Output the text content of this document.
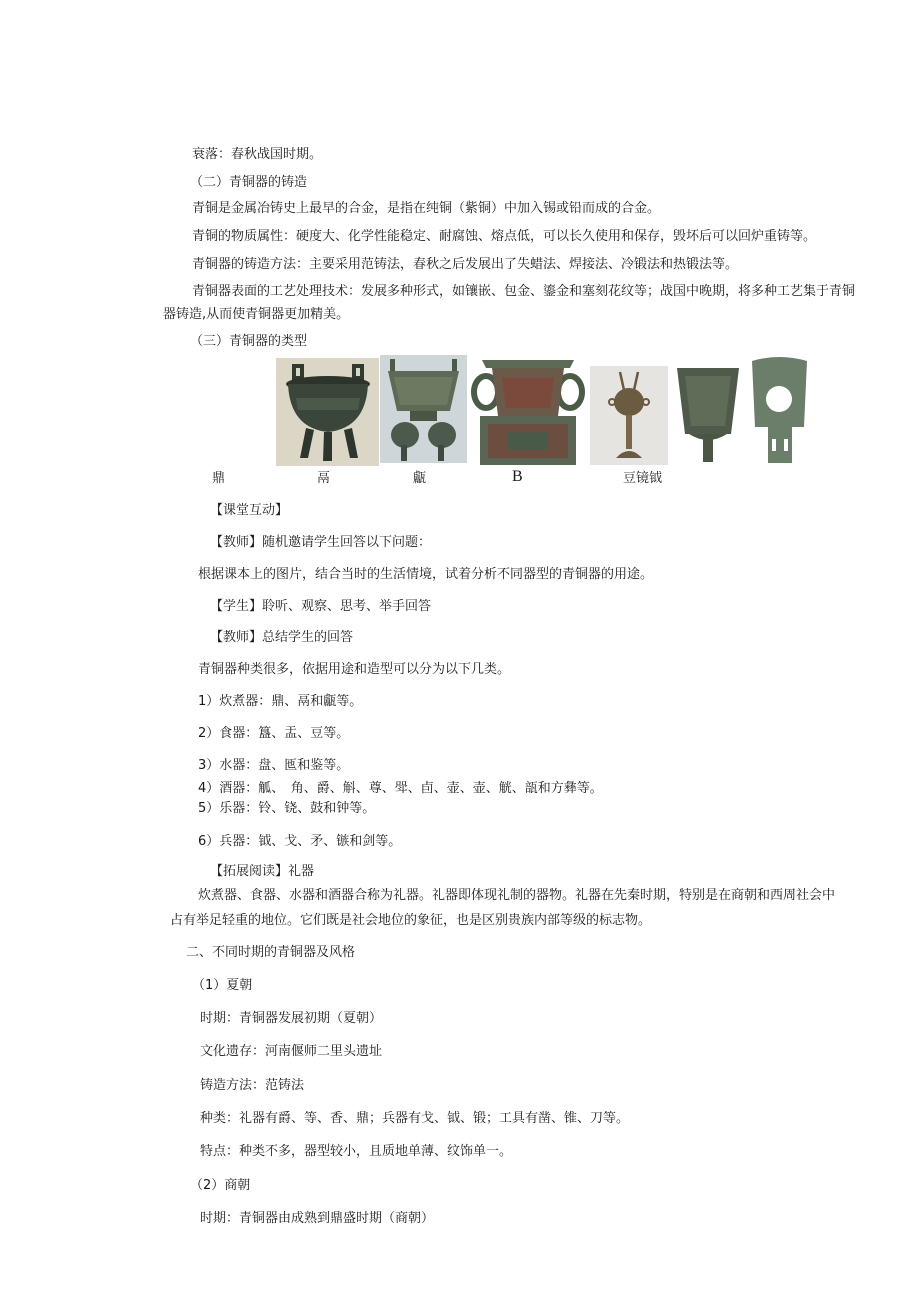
衰落：春秋战国时期。
（二）青铜器的铸造
青铜是金属冶铸史上最早的合金，是指在纯铜（紫铜）中加入锡或铅而成的合金。
青铜的物质属性：硬度大、化学性能稳定、耐腐蚀、熔点低，可以长久使用和保存，毁坏后可以回炉重铸等。
青铜器的铸造方法：主要采用范铸法，春秋之后发展出了失蜡法、焊接法、冷锻法和热锻法等。
青铜器表面的工艺处理技术：发展多种形式，如镶嵌、包金、鎏金和塞刻花纹等；战国中晚期，将多种工艺集于青铜
器铸造,从而使青铜器更加精美。
（三）青铜器的类型
鼎	鬲	甗	B	豆镜钺
【课堂互动】
【教师】随机邀请学生回答以下问题：
根据课本上的图片，结合当时的生活情境，试着分析不同器型的青铜器的用途。
【学生】聆听、观察、思考、举手回答
【教师】总结学生的回答
青铜器种类很多，依据用途和造型可以分为以下几类。
1）炊煮器：鼎、鬲和甗等。
2）食器：簋、盂、豆等。
3）水器：盘、匜和鉴等。
4）酒器：觚、　角、爵、斛、尊、斝、卣、壶、壶、觥、瓿和方彝等。
5）乐器：铃、铙、鼓和钟等。
6）兵器：钺、戈、矛、镞和剑等。
【拓展阅读】礼器
炊煮器、食器、水器和酒器合称为礼器。礼器即体现礼制的器物。礼器在先秦时期，特别是在商朝和西周社会中
占有举足轻重的地位。它们既是社会地位的象征，也是区别贵族内部等级的标志物。
二、不同时期的青铜器及风格
（1）夏朝
时期：青铜器发展初期（夏朝）
文化遗存：河南偃师二里头遗址
铸造方法：范铸法
种类：礼器有爵、等、香、鼎；兵器有戈、钺、锻；工具有凿、锥、刀等。
特点：种类不多，器型较小，且质地单薄、纹饰单一。
（2）商朝
时期：青铜器由成熟到鼎盛时期（商朝）
